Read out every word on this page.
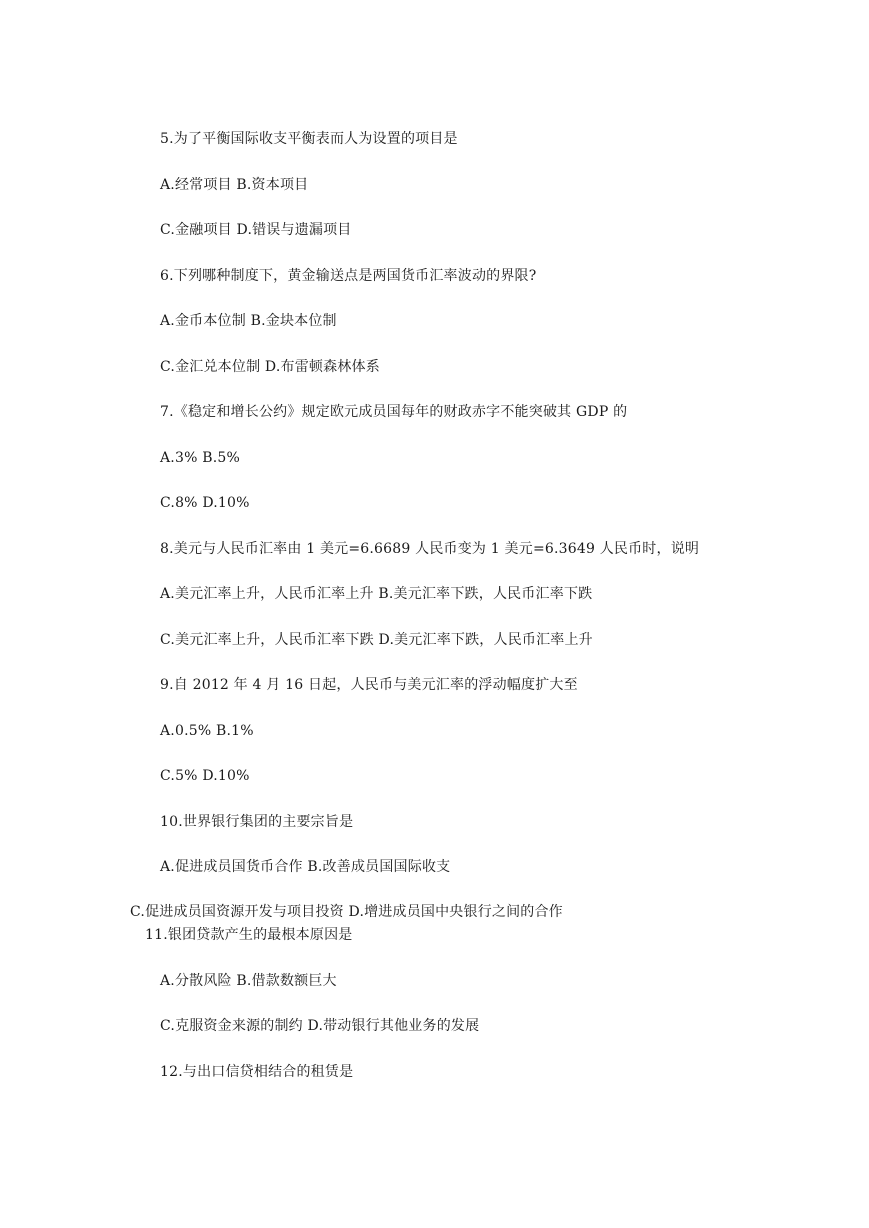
5.为了平衡国际收支平衡表而人为设置的项目是
A.经常项目 B.资本项目
C.金融项目 D.错误与遗漏项目
6.下列哪种制度下，黄金输送点是两国货币汇率波动的界限?
A.金币本位制 B.金块本位制
C.金汇兑本位制 D.布雷顿森林体系
7.《稳定和增长公约》规定欧元成员国每年的财政赤字不能突破其 GDP 的
A.3% B.5%
C.8% D.10%
8.美元与人民币汇率由 1 美元=6.6689 人民币变为 1 美元=6.3649 人民币时，说明
A.美元汇率上升，人民币汇率上升 B.美元汇率下跌，人民币汇率下跌
C.美元汇率上升，人民币汇率下跌 D.美元汇率下跌，人民币汇率上升
9.自 2012 年 4 月 16 日起，人民币与美元汇率的浮动幅度扩大至
A.0.5% B.1%
C.5% D.10%
10.世界银行集团的主要宗旨是
A.促进成员国货币合作 B.改善成员国国际收支
C.促进成员国资源开发与项目投资 D.增进成员国中央银行之间的合作
11.银团贷款产生的最根本原因是
A.分散风险 B.借款数额巨大
C.克服资金来源的制约 D.带动银行其他业务的发展
12.与出口信贷相结合的租赁是
